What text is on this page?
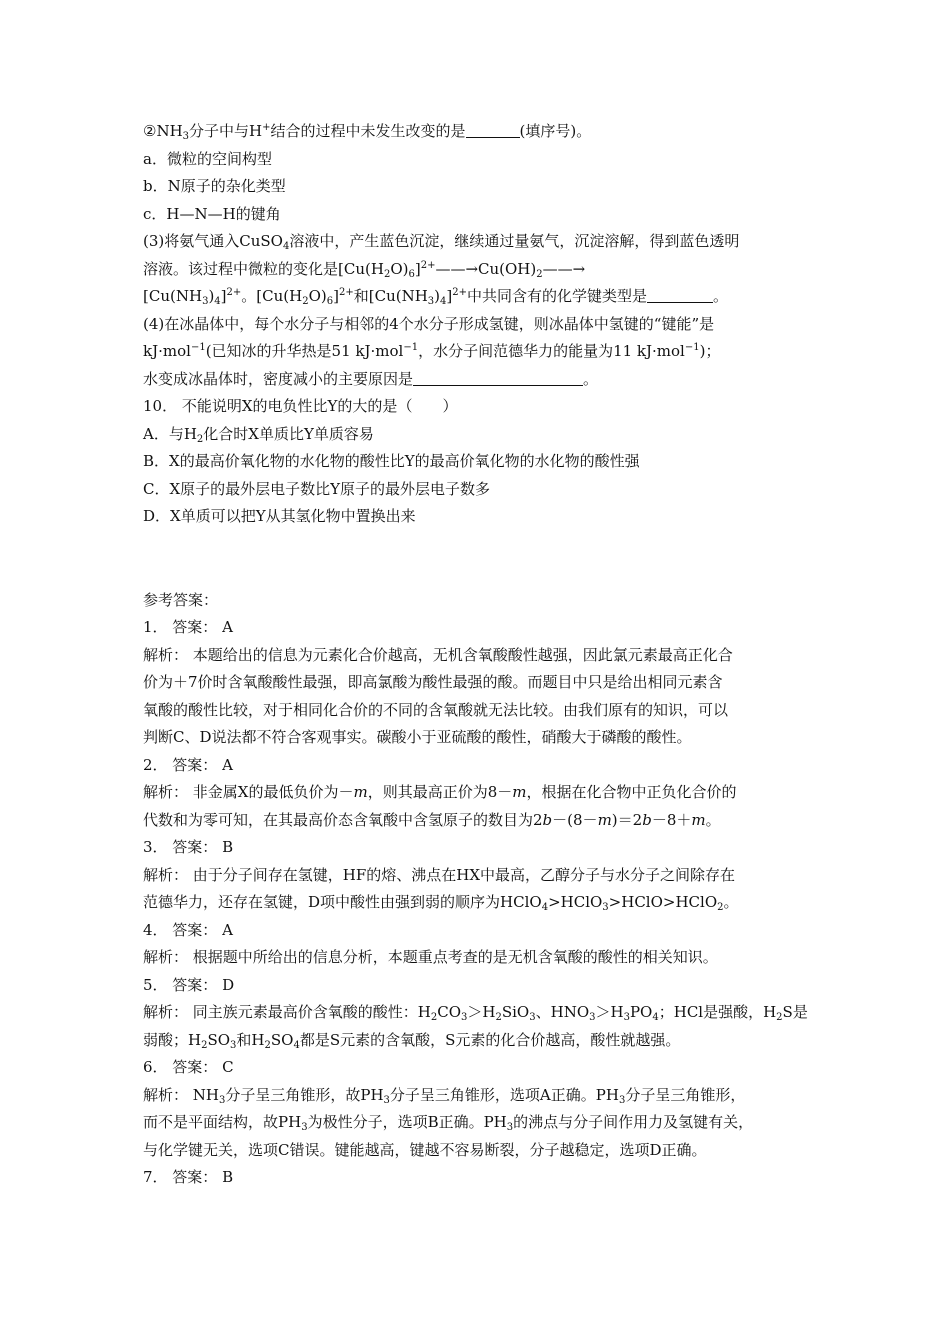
$②NH_3$分子中与H+结合的过程中未发生改变的是	(填序号)。
a．微粒的空间构型
b．N原子的杂化类型
c．H—N—H的键角
(3)将氨气通入CuSO$_4$溶液中，产生蓝色沉淀，继续通过量氨气，沉淀溶解，得到蓝色透明
溶液。该过程中微粒的变化是$[Cu(H_2O)_6]^{2+}——\to Cu(OH)_2——\to$
$[Cu(NH_3)_4]^{2+}$。$[Cu(H_2O)_6]^{2+}$和$[Cu(NH_3)_4]^{2+}$中共同含有的化学键类型是	。
(4)在冰晶体中，每个水分子与相邻的4个水分子形成氢键，则冰晶体中氢键的“键能”是
kJ·mol$^{-1}$(已知冰的升华热是51 kJ·mol$^{-1}$，水分子间范德华力的能量为11 kJ·mol$^{-1}$)；
水变成冰晶体时，密度减小的主要原因是	。
10． 不能说明X的电负性比Y的大的是（　　）
A．与$H_2$化合时X单质比Y单质容易
B．X的最高价氧化物的水化物的酸性比Y的最高价氧化物的水化物的酸性强
C．X原子的最外层电子数比Y原子的最外层电子数多
D．X单质可以把Y从其氢化物中置换出来
参考答案：
1． 答案： A
解析： 本题给出的信息为元素化合价越高，无机含氧酸酸性越强，因此氯元素最高正化合
价为＋7价时含氧酸酸性最强，即高氯酸为酸性最强的酸。而题目中只是给出相同元素含
氧酸的酸性比较，对于相同化合价的不同的含氧酸就无法比较。由我们原有的知识，可以
判断C、D说法都不符合客观事实。碳酸小于亚硫酸的酸性，硝酸大于磷酸的酸性。
2． 答案： A
解析： 非金属X的最低负价为－m，则其最高正价为8－m，根据在化合物中正负化合价的
代数和为零可知，在其最高价态含氧酸中含氢原子的数目为2b－(8－m)＝2b－8＋m。
3． 答案： B
解析： 由于分子间存在氢键，HF的熔、沸点在HX中最高，乙醇分子与水分子之间除存在
范德华力，还存在氢键，D项中酸性由强到弱的顺序为HClO$_4$>HClO$_3$>HClO>HClO$_2$。
4． 答案： A
解析： 根据题中所给出的信息分析，本题重点考查的是无机含氧酸的酸性的相关知识。
5． 答案： D
解析： 同主族元素最高价含氧酸的酸性：$H_2CO_3>H_2SiO_3$、$HNO_3>H_3PO_4$；HCl是强酸，$H_2S$是
弱酸；$H_2SO_3$和$H_2SO_4$都是S元素的含氧酸，S元素的化合价越高，酸性就越强。
6． 答案： C
解析： $NH_3$分子呈三角锥形，故$PH_3$分子呈三角锥形，选项A正确。$PH_3$分子呈三角锥形，
而不是平面结构，故$PH_3$为极性分子，选项B正确。$PH_3$的沸点与分子间作用力及氢键有关，
与化学键无关，选项C错误。键能越高，键越不容易断裂，分子越稳定，选项D正确。
7． 答案： B
